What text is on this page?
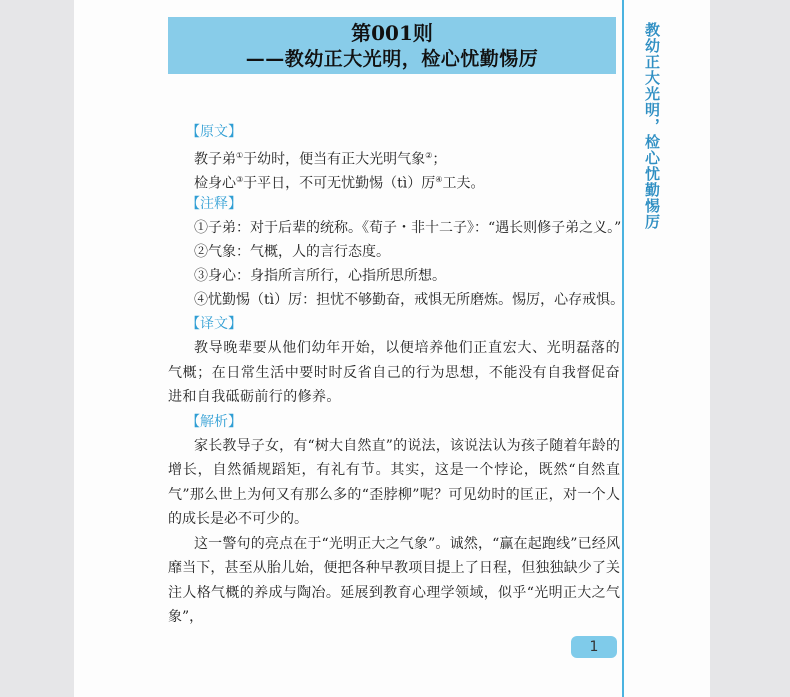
第001则
——教幼正大光明，检心忧勤惕厉	教幼正大光明，检心忧勤惕厉

【原文】

教子弟①于幼时，便当有正大光明气象②；

检身心③于平日，不可无忧勤惕（tì）厉④工夫。

【注释】

①子弟：对于后辈的统称。《荀子・非十二子》：“遇长则修子弟之义。”

②气象：气概，人的言行态度。

③身心：身指所言所行，心指所思所想。

④忧勤惕（tì）厉：担忧不够勤奋，戒惧无所磨炼。惕厉，心存戒惧。

【译文】

教导晚辈要从他们幼年开始，以便培养他们正直宏大、光明磊落的气概；在日常生活中要时时反省自己的行为思想，不能没有自我督促奋进和自我砥砺前行的修养。

【解析】

家长教导子女，有“树大自然直”的说法，该说法认为孩子随着年龄的增长，自然循规蹈矩，有礼有节。其实，这是一个悖论，既然“自然直气”那么世上为何又有那么多的“歪脖柳”呢？可见幼时的匡正，对一个人的成长是必不可少的。

这一警句的亮点在于“光明正大之气象”。诚然，“赢在起跑线”已经风靡当下，甚至从胎儿始，便把各种早教项目提上了日程，但独独缺少了关注人格气概的养成与陶冶。延展到教育心理学领域，似乎“光明正大之气象”，

1
